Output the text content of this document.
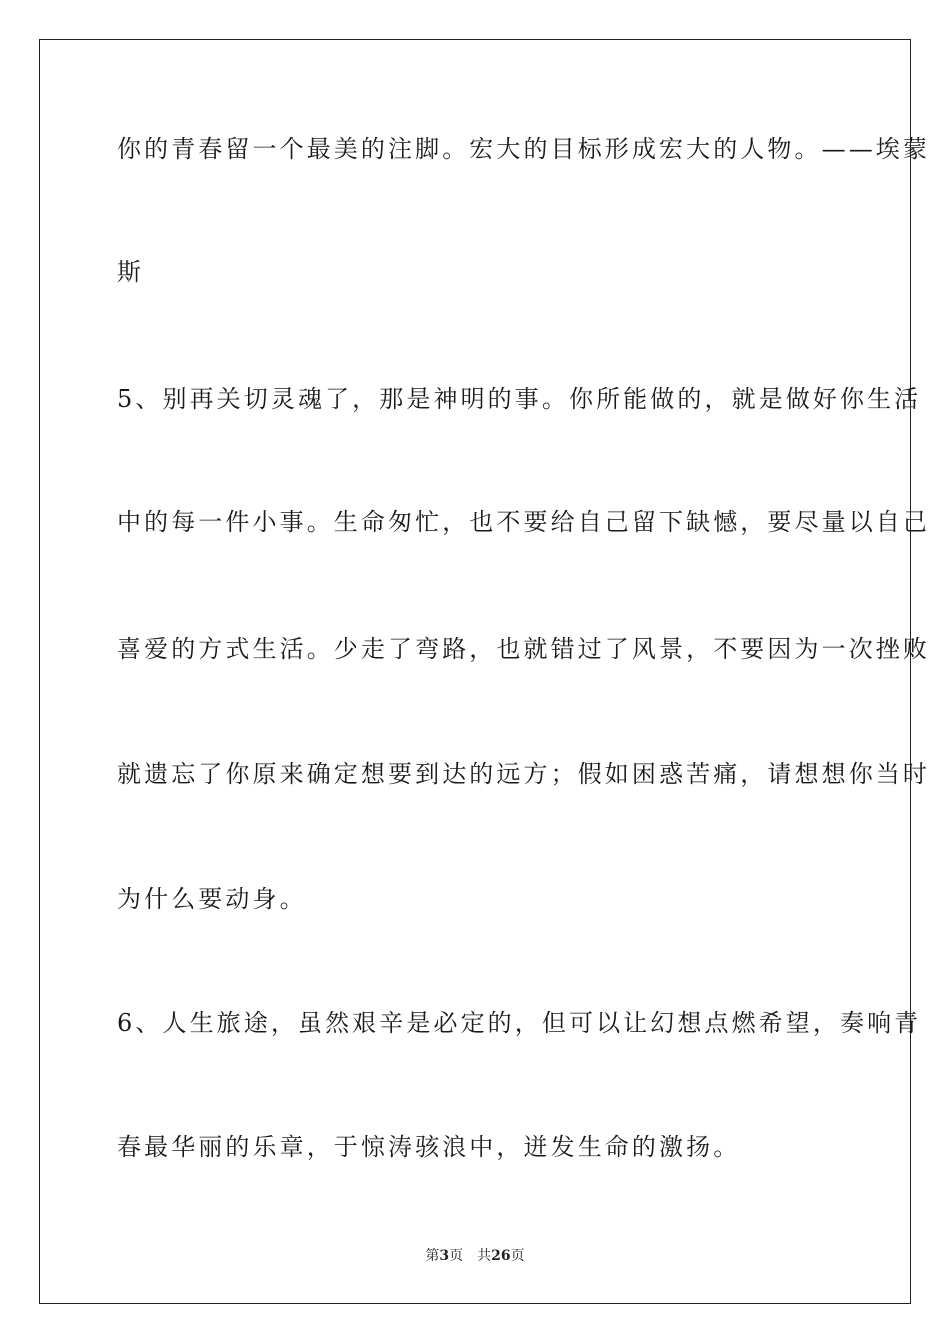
你的青春留一个最美的注脚。宏大的目标形成宏大的人物。——埃蒙
斯
5、别再关切灵魂了，那是神明的事。你所能做的，就是做好你生活
中的每一件小事。生命匆忙，也不要给自己留下缺憾，要尽量以自己
喜爱的方式生活。少走了弯路，也就错过了风景，不要因为一次挫败
就遗忘了你原来确定想要到达的远方；假如困惑苦痛，请想想你当时
为什么要动身。
6、人生旅途，虽然艰辛是必定的，但可以让幻想点燃希望，奏响青
春最华丽的乐章，于惊涛骇浪中，迸发生命的激扬。
第3页 共26页
